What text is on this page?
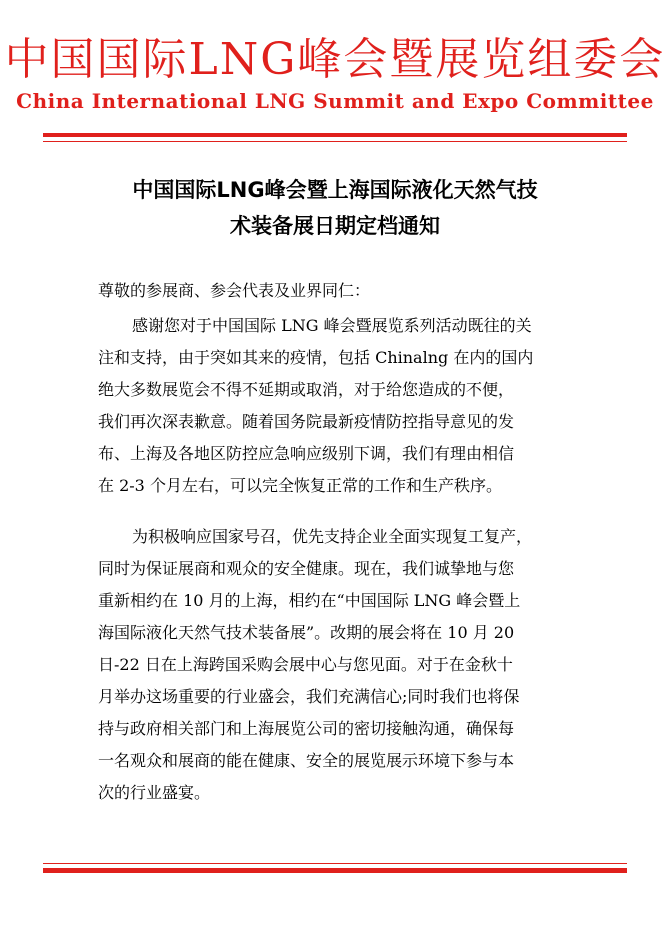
中国国际LNG峰会暨展览组委会
China International LNG Summit and Expo Committee
中国国际LNG峰会暨上海国际液化天然气技
术装备展日期定档通知
尊敬的参展商、参会代表及业界同仁：
感谢您对于中国国际 LNG 峰会暨展览系列活动既往的关
注和支持，由于突如其来的疫情，包括 Chinalng 在内的国内
绝大多数展览会不得不延期或取消，对于给您造成的不便，
我们再次深表歉意。随着国务院最新疫情防控指导意见的发
布、上海及各地区防控应急响应级别下调，我们有理由相信
在 2-3 个月左右，可以完全恢复正常的工作和生产秩序。
为积极响应国家号召，优先支持企业全面实现复工复产，
同时为保证展商和观众的安全健康。现在，我们诚挚地与您
重新相约在 10 月的上海，相约在“中国国际 LNG 峰会暨上
海国际液化天然气技术装备展”。改期的展会将在 10 月 20
日-22 日在上海跨国采购会展中心与您见面。对于在金秋十
月举办这场重要的行业盛会，我们充满信心;同时我们也将保
持与政府相关部门和上海展览公司的密切接触沟通，确保每
一名观众和展商的能在健康、安全的展览展示环境下参与本
次的行业盛宴。
